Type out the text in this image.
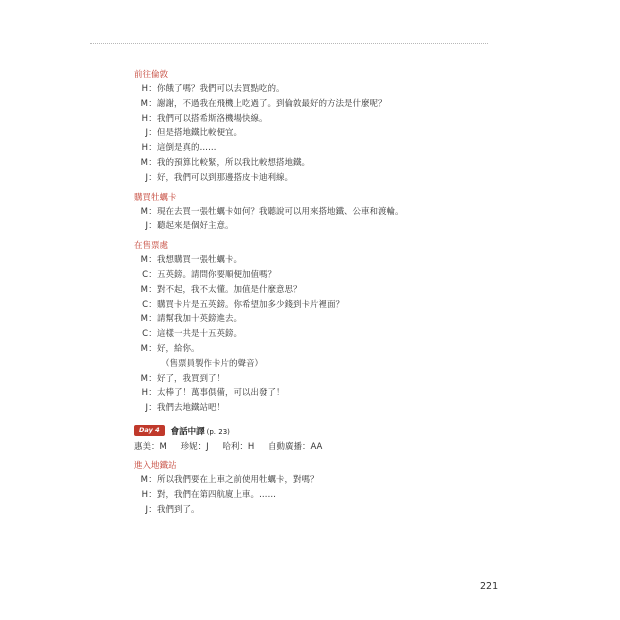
前往倫敦
H ： 你餓了嗎？我們可以去買點吃的。
M ： 謝謝，不過我在飛機上吃過了。到倫敦最好的方法是什麼呢？
H ： 我們可以搭希斯洛機場快線。
J ： 但是搭地鐵比較便宜。
H ： 這倒是真的……
M ： 我的預算比較緊，所以我比較想搭地鐵。
J ： 好，我們可以到那邊搭皮卡迪利線。
購買牡蠣卡
M ： 現在去買一張牡蠣卡如何？我聽說可以用來搭地鐵、公車和渡輪。
J ： 聽起來是個好主意。
在售票處
M ： 我想購買一張牡蠣卡。
C ： 五英鎊。請問你要順便加值嗎？
M ： 對不起，我不太懂。加值是什麼意思？
C ： 購買卡片是五英鎊。你希望加多少錢到卡片裡面？
M ： 請幫我加十英鎊進去。
C ： 這樣一共是十五英鎊。
M ： 好，給你。
（售票員製作卡片的聲音）
M ： 好了，我買到了！
H ： 太棒了！萬事俱備，可以出發了！
J ： 我們去地鐵站吧！
Day 4	會話中譯 (p. 23)
惠美：M 珍妮：J 哈利：H 自動廣播：AA
進入地鐵站
M ： 所以我們要在上車之前使用牡蠣卡，對嗎？
H ： 對，我們在第四航廈上車。……
J ： 我們到了。
221
